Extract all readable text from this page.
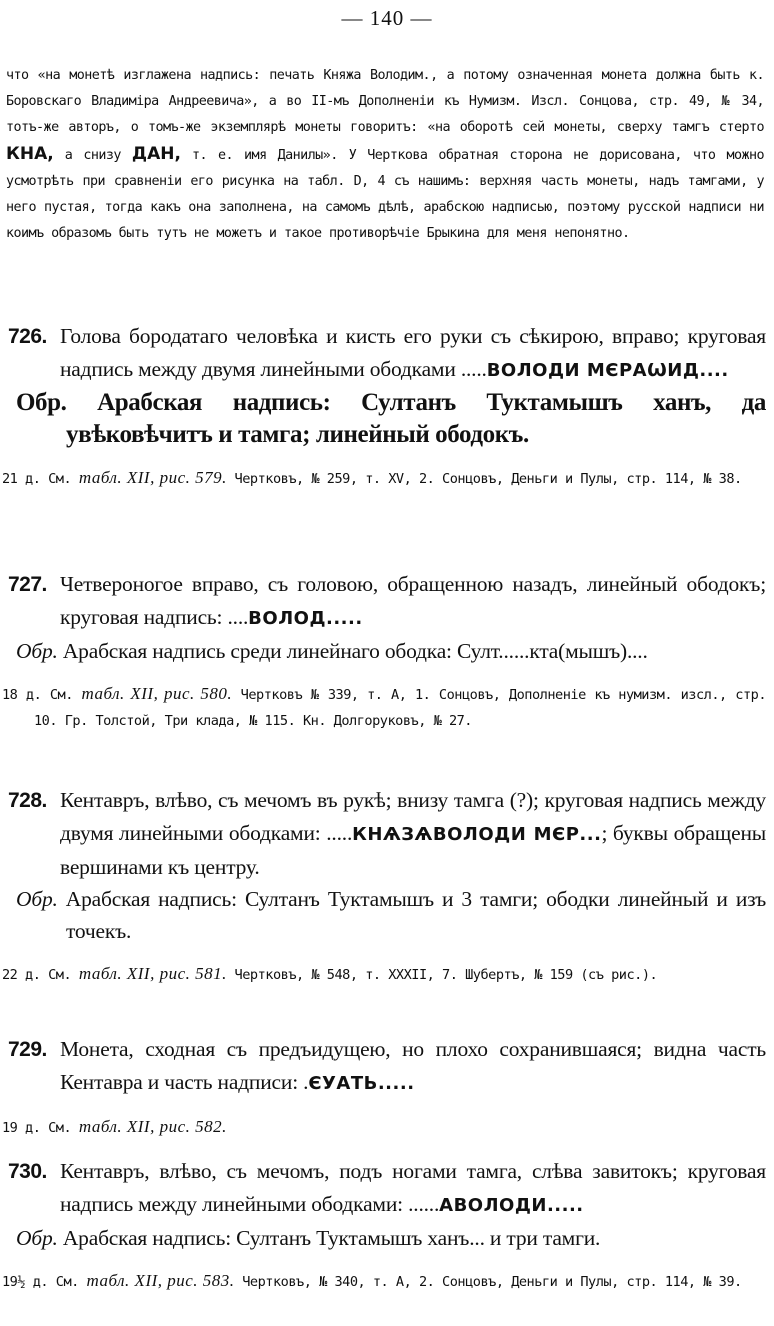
— 140 —
что «на монетѣ изглажена надпись: печать Княжа Володим., а потому означенная монета должна быть к. Боровскаго Владиміра Андреевича», а во II-мъ Дополненіи къ Нумизм. Изсл. Сонцова, стр. 49, № 34, тотъ-же авторъ, о томъ-же экземплярѣ монеты говоритъ: «на оборотѣ сей монеты, сверху тамгъ стерто КНА, а снизу ДАН, т. е. имя Данилы». У Черткова обратная сторона не дорисована, что можно усмотрѣть при сравненіи его рисунка на табл. D, 4 съ нашимъ: верхняя часть монеты, надъ тамгами, у него пустая, тогда какъ она заполнена, на самомъ дѣлѣ, арабскою надписью, поэтому русской надписи ни коимъ образомъ быть тутъ не можетъ и такое противорѣчіе Брыкина для меня непонятно.
726. Голова бородатаго человѣка и кисть его руки съ сѣкирою, вправо; круговая надпись между двумя линейными ободками .....ВОЛОДИ МЄРАѠИД....
Обр. Арабская надпись: Султанъ Туктамышъ ханъ, да увѣковѣчитъ и тамга; линейный ободокъ.
21 д. См. табл. XII, рис. 579. Чертковъ, № 259, т. XV, 2. Сонцовъ, Деньги и Пулы, стр. 114, № 38.
727. Четвероногое вправо, съ головою, обращенною назадъ, линейный ободокъ; круговая надпись: ....ВОЛОД.....
Обр. Арабская надпись среди линейнаго ободка: Султ......кта(мышъ)....
18 д. См. табл. XII, рис. 580. Чертковъ № 339, т. А, 1. Сонцовъ, Дополненіе къ нумизм. изсл., стр. 10. Гр. Толстой, Три клада, № 115. Кн. Долгоруковъ, № 27.
728. Кентавръ, влѣво, съ мечомъ въ рукѣ; внизу тамга (?); круговая надпись между двумя линейными ободками: .....КНѦЗѦВОЛОДИ МЄР...; буквы обращены вершинами къ центру.
Обр. Арабская надпись: Султанъ Туктамышъ и 3 тамги; ободки линейный и изъ точекъ.
22 д. См. табл. XII, рис. 581. Чертковъ, № 548, т. XXXII, 7. Шубертъ, № 159 (съ рис.).
729. Монета, сходная съ предъидущею, но плохо сохранившаяся; видна часть Кентавра и часть надписи: .ЄУАТЬ.....
19 д. См. табл. XII, рис. 582.
730. Кентавръ, влѣво, съ мечомъ, подъ ногами тамга, слѣва завитокъ; круговая надпись между линейными ободками: ......АВОЛОДИ.....
Обр. Арабская надпись: Султанъ Туктамышъ ханъ... и три тамги.
19½ д. См. табл. XII, рис. 583. Чертковъ, № 340, т. А, 2. Сонцовъ, Деньги и Пулы, стр. 114, № 39.
